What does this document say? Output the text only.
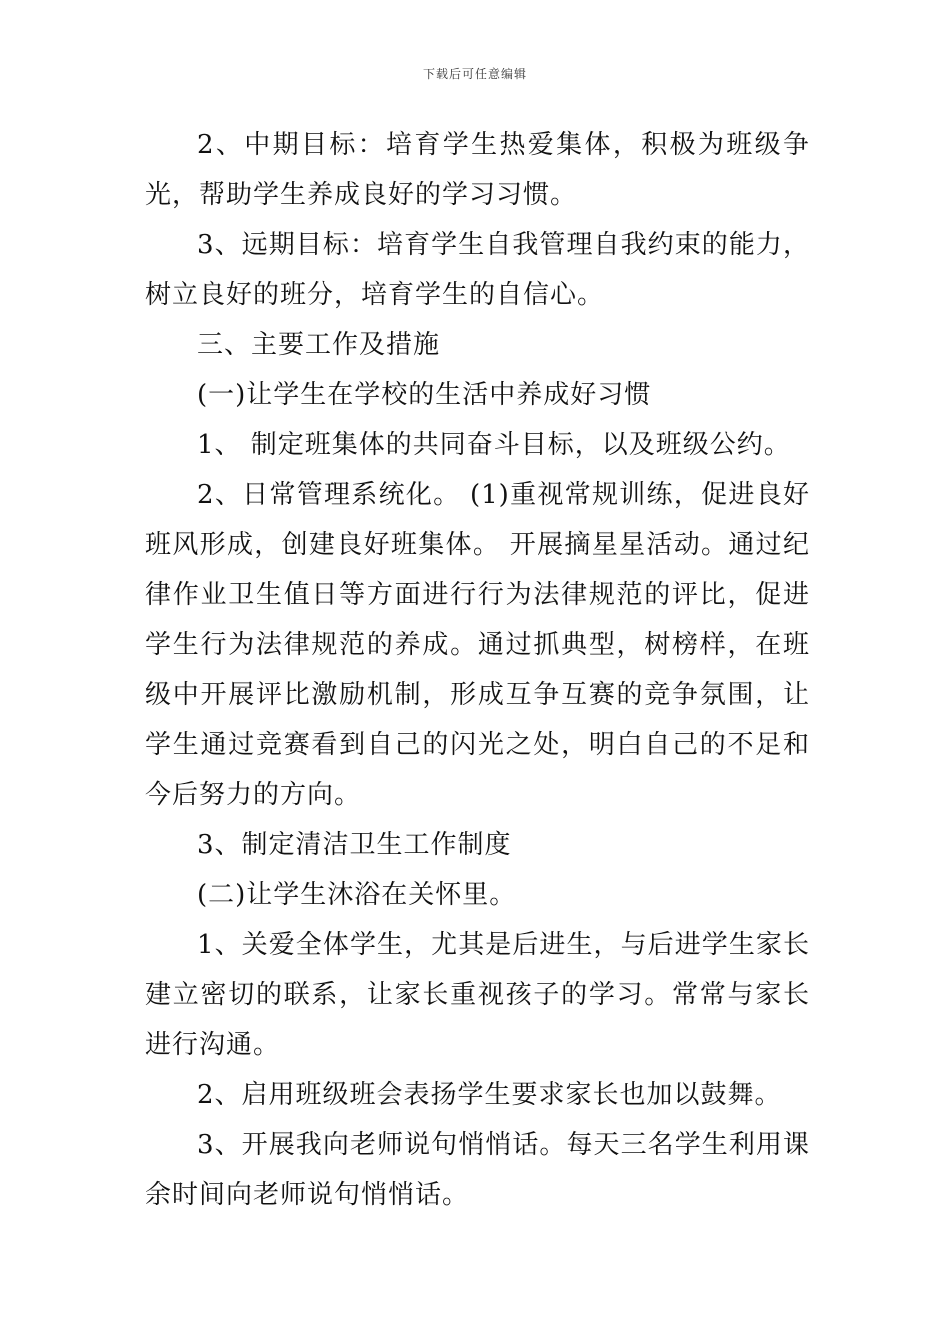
下载后可任意编辑

2、中期目标：培育学生热爱集体，积极为班级争光，帮助学生养成良好的学习习惯。

3、远期目标：培育学生自我管理自我约束的能力，树立良好的班分，培育学生的自信心。

三、主要工作及措施

(一)让学生在学校的生活中养成好习惯

1、 制定班集体的共同奋斗目标，以及班级公约。

2、日常管理系统化。 (1)重视常规训练，促进良好班风形成，创建良好班集体。 开展摘星星活动。通过纪律作业卫生值日等方面进行行为法律规范的评比，促进学生行为法律规范的养成。通过抓典型，树榜样，在班级中开展评比激励机制，形成互争互赛的竞争氛围，让学生通过竞赛看到自己的闪光之处，明白自己的不足和今后努力的方向。

3、制定清洁卫生工作制度

(二)让学生沐浴在关怀里。

1、关爱全体学生，尤其是后进生，与后进学生家长建立密切的联系，让家长重视孩子的学习。常常与家长进行沟通。

2、启用班级班会表扬学生要求家长也加以鼓舞。

3、开展我向老师说句悄悄话。每天三名学生利用课余时间向老师说句悄悄话。
